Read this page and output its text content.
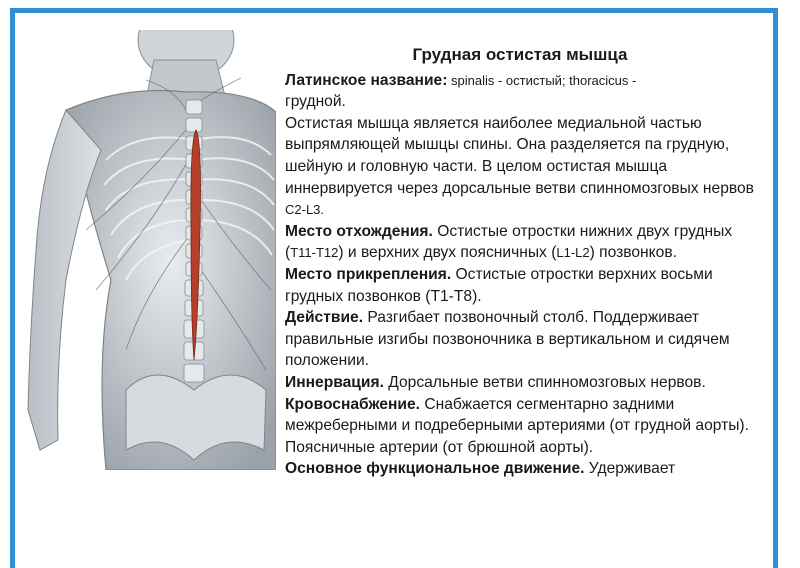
Грудная остистая мышца

Латинское название: spinalis - остистый; thoracicus -
грудной.

Остистая мышца является наиболее медиальной частью выпрямляющей мышцы спины. Она разделяется па грудную, шейную и головную части. В целом остистая мышца иннервируется через дорсальные ветви спинномозговых нервов C2-L3.

Место отхождения. Остистые отростки нижних двух грудных (T11-T12) и верхних двух поясничных (L1-L2) позвонков.

Место прикрепления. Остистые отростки верхних восьми грудных позвонков (Т1-Т8).

Действие. Разгибает позвоночный столб. Поддерживает правильные изгибы позвоночника в вертикальном и сидячем положении.

Иннервация. Дорсальные ветви спинномозговых нервов.

Кровоснабжение. Снабжается сегментарно задними межреберными и подреберными артериями (от грудной аорты). Поясничные артерии (от брюшной аорты).

Основное функциональное движение. Удерживает
